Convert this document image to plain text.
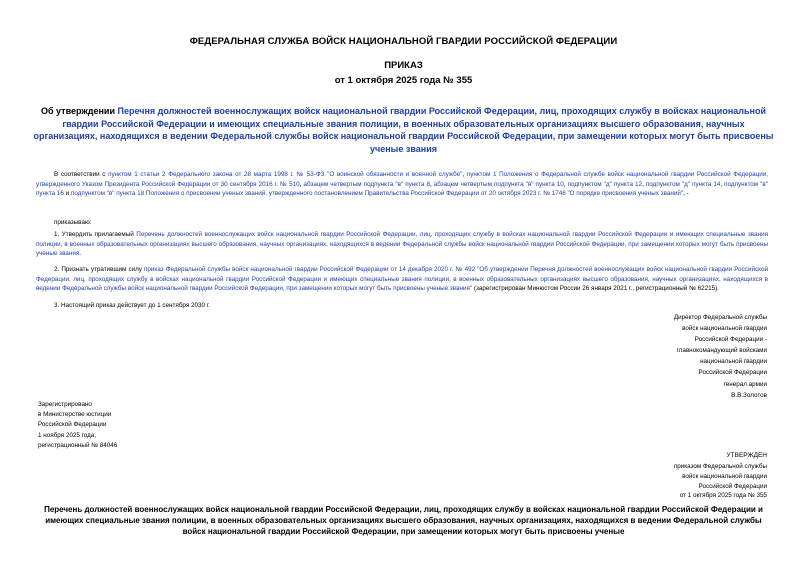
ФЕДЕРАЛЬНАЯ СЛУЖБА ВОЙСК НАЦИОНАЛЬНОЙ ГВАРДИИ РОССИЙСКОЙ ФЕДЕРАЦИИ
ПРИКАЗ
от 1 октября 2025 года № 355
Об утверждении Перечня должностей военнослужащих войск национальной гвардии Российской Федерации, лиц, проходящих службу в войсках национальной гвардии Российской Федерации и имеющих специальные звания полиции, в военных образовательных организациях высшего образования, научных организациях, находящихся в ведении Федеральной службы войск национальной гвардии Российской Федерации, при замещении которых могут быть присвоены ученые звания
В соответствии с пунктом 1 статьи 2 Федерального закона от 28 марта 1998 г. № 53-ФЗ "О воинской обязанности и военной службе", пунктом 1 Положения о Федеральной службе войск национальной гвардии Российской Федерации, утвержденного Указом Президента Российской Федерации от 30 сентября 2016 г. № 510, абзацем четвертым подпункта "в" пункта 8, абзацем четвертым подпункта "в" пункта 10, подпунктом "д" пункта 12, подпунктом "д" пункта 14, подпунктом "в" пункта 16 и подпунктом "в" пункта 18 Положения о присвоении ученых званий, утвержденного постановлением Правительства Российской Федерации от 20 октября 2023 г. № 1746 "О порядке присвоения ученых званий", -
приказываю:
1. Утвердить прилагаемый Перечень должностей военнослужащих войск национальной гвардии Российской Федерации, лиц, проходящих службу в войсках национальной гвардии Российской Федерации и имеющих специальные звания полиции, в военных образовательных организациях высшего образования, научных организациях, находящихся в ведении Федеральной службы войск национальной гвардии Российской Федерации, при замещении которых могут быть присвоены ученые звания.
2. Признать утратившим силу приказ Федеральной службы войск национальной гвардии Российской Федерации от 14 декабря 2020 г. № 492 "Об утверждении Перечня должностей военнослужащих войск национальной гвардии Российской Федерации, лиц, проходящих службу в войсках национальной гвардии Российской Федерации и имеющих специальные звания полиции, в военных образовательных организациях высшего образования, научных организациях, находящихся в ведении Федеральной службы войск национальной гвардии Российской Федерации, при замещении которых могут быть присвоены ученые звания" (зарегистрирован Минюстом России 26 января 2021 г., регистрационный № 62215).
3. Настоящий приказ действует до 1 сентября 2030 г.
Директор Федеральной службы
войск национальной гвардии
Российской Федерации -
главнокомандующий войсками
национальной гвардии
Российской Федерации
генерал армии
В.В.Золотов
Зарегистрировано
в Министерстве юстиции
Российской Федерации
1 ноября 2025 года,
регистрационный № 84046
УТВЕРЖДЕН
приказом Федеральной службы
войск национальной гвардии
Российской Федерации
от 1 октября 2025 года № 355
Перечень должностей военнослужащих войск национальной гвардии Российской Федерации, лиц, проходящих службу в войсках национальной гвардии Российской Федерации и имеющих специальные звания полиции, в военных образовательных организациях высшего образования, научных организациях, находящихся в ведении Федеральной службы войск национальной гвардии Российской Федерации, при замещении которых могут быть присвоены ученые
